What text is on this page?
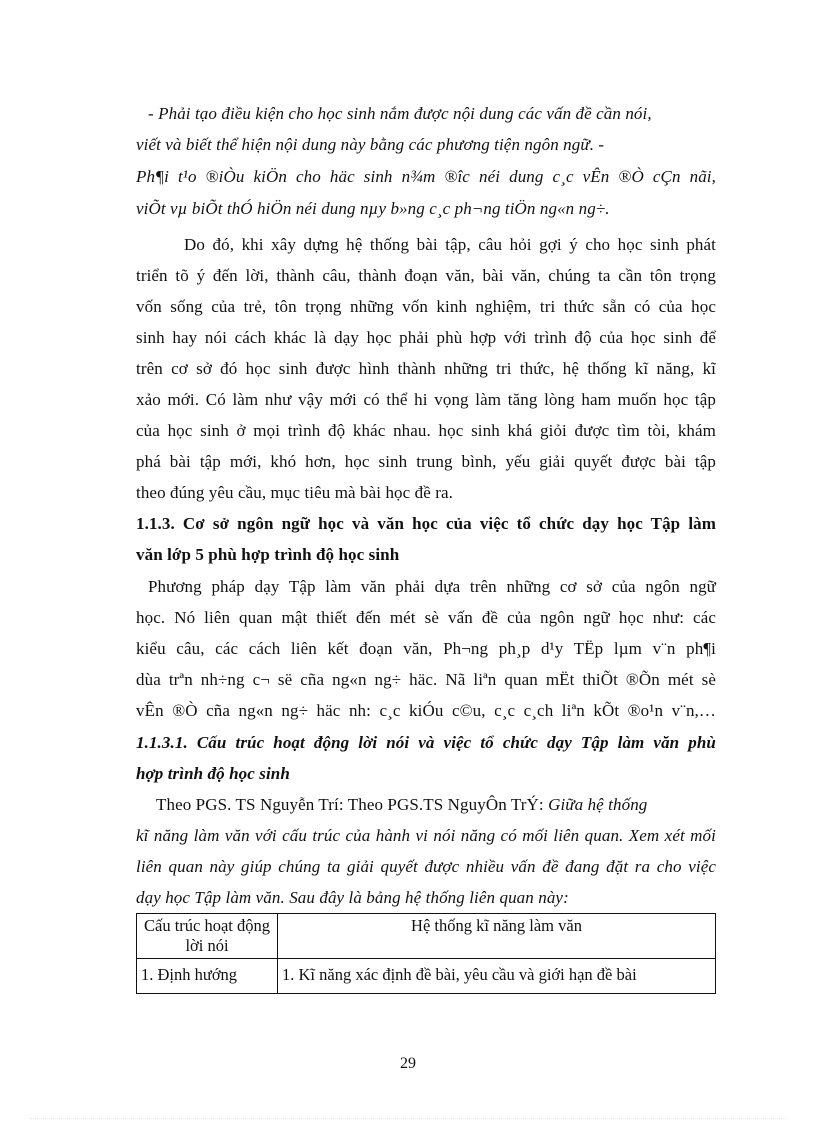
- Phải tạo điều kiện cho học sinh nắm được nội dung các vấn đề cần nói,
viết và biết thể hiện nội dung này bằng các phương tiện ngôn ngữ. -
Ph¶i t¹o ®iÒu kiÖn cho häc sinh n¾m ®îc néi dung c¸c vÊn ®Ò cÇn nãi,
viÕt vµ biÕt thÓ hiÖn néi dung nµy b»ng c¸c ph¬ng tiÖn ng«n ng÷.
Do đó, khi xây dựng hệ thống bài tập, câu hỏi gợi ý cho học sinh phát
triển tõ ý đến lời, thành câu, thành đoạn văn, bài văn, chúng ta cần tôn trọng
vốn sống của trẻ, tôn trọng những vốn kinh nghiệm, tri thức sẵn có của học
sinh hay nói cách khác là dạy học phải phù hợp với trình độ của học sinh để
trên cơ sở đó học sinh được hình thành những tri thức, hệ thống kĩ năng, kĩ
xảo mới. Có làm như vậy mới có thể hi vọng làm tăng lòng ham muốn học tập
của học sinh ở mọi trình độ khác nhau. học sinh khá giỏi được tìm tòi, khám
phá bài tập mới, khó hơn, học sinh trung bình, yếu giải quyết được bài tập
theo đúng yêu cầu, mục tiêu mà bài học đề ra.
1.1.3. Cơ sở ngôn ngữ học và văn học của việc tổ chức dạy học Tập làm
văn lớp 5 phù hợp trình độ học sinh
Phương pháp dạy Tập làm văn phải dựa trên những cơ sở của ngôn ngữ
học. Nó liên quan mật thiết đến mét sè vấn đề của ngôn ngữ học như: các
kiểu câu, các cách liên kết đoạn văn, Ph¬ng ph¸p d¹y TËp lµm v¨n ph¶i
dùa trªn nh÷ng c¬ së cña ng«n ng÷ häc. Nã liªn quan mËt thiÕt ®Õn mét sè
vÊn ®Ò cña ng«n ng÷ häc nh: c¸c kiÓu c©u, c¸c c¸ch liªn kÕt ®o¹n v¨n,…
1.1.3.1. Cấu trúc hoạt động lời nói và việc tổ chức dạy Tập làm văn phù
hợp trình độ học sinh
Theo PGS. TS Nguyễn Trí: Theo PGS.TS NguyÔn TrÝ: Giữa hệ thống
kĩ năng làm văn với cấu trúc của hành vi nói năng có mối liên quan. Xem xét mối
liên quan này giúp chúng ta giải quyết được nhiều vấn đề đang đặt ra cho việc
dạy học Tập làm văn. Sau đây là bảng hệ thống liên quan này:
Cấu trúc hoạt động lời nói	Hệ thống kĩ năng làm văn
1. Định hướng	1. Kĩ năng xác định đề bài, yêu cầu và giới hạn đề bài
29
